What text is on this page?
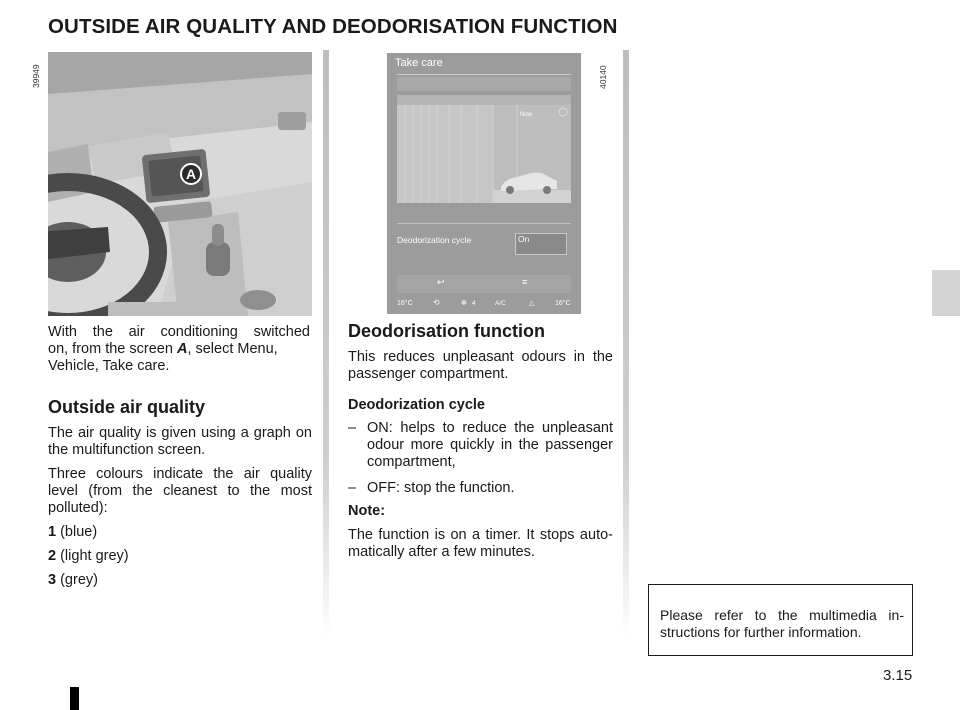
OUTSIDE AIR QUALITY AND DEODORISATION FUNCTION
39949	40140
A
Take care
Now
Deodorization cycle	On
↩	≡
16°C	⟲	✻ 4	A/C	△	16°C
With the air conditioning switched
on, from the screen A, select Menu,
Vehicle, Take care.
Outside air quality
The air quality is given using a graph on
the multifunction screen.
Three colours indicate the air quality
level (from the cleanest to the most
polluted):
1 (blue)
2 (light grey)
3 (grey)
Deodorisation function
This reduces unpleasant odours in the
passenger compartment.
Deodorization cycle
– ON: helps to reduce the unpleasant
odour more quickly in the passenger
compartment,
– OFF: stop the function.
Note:
The function is on a timer. It stops auto-
matically after a few minutes.
Please refer to the multimedia in-
structions for further information.
3.15
